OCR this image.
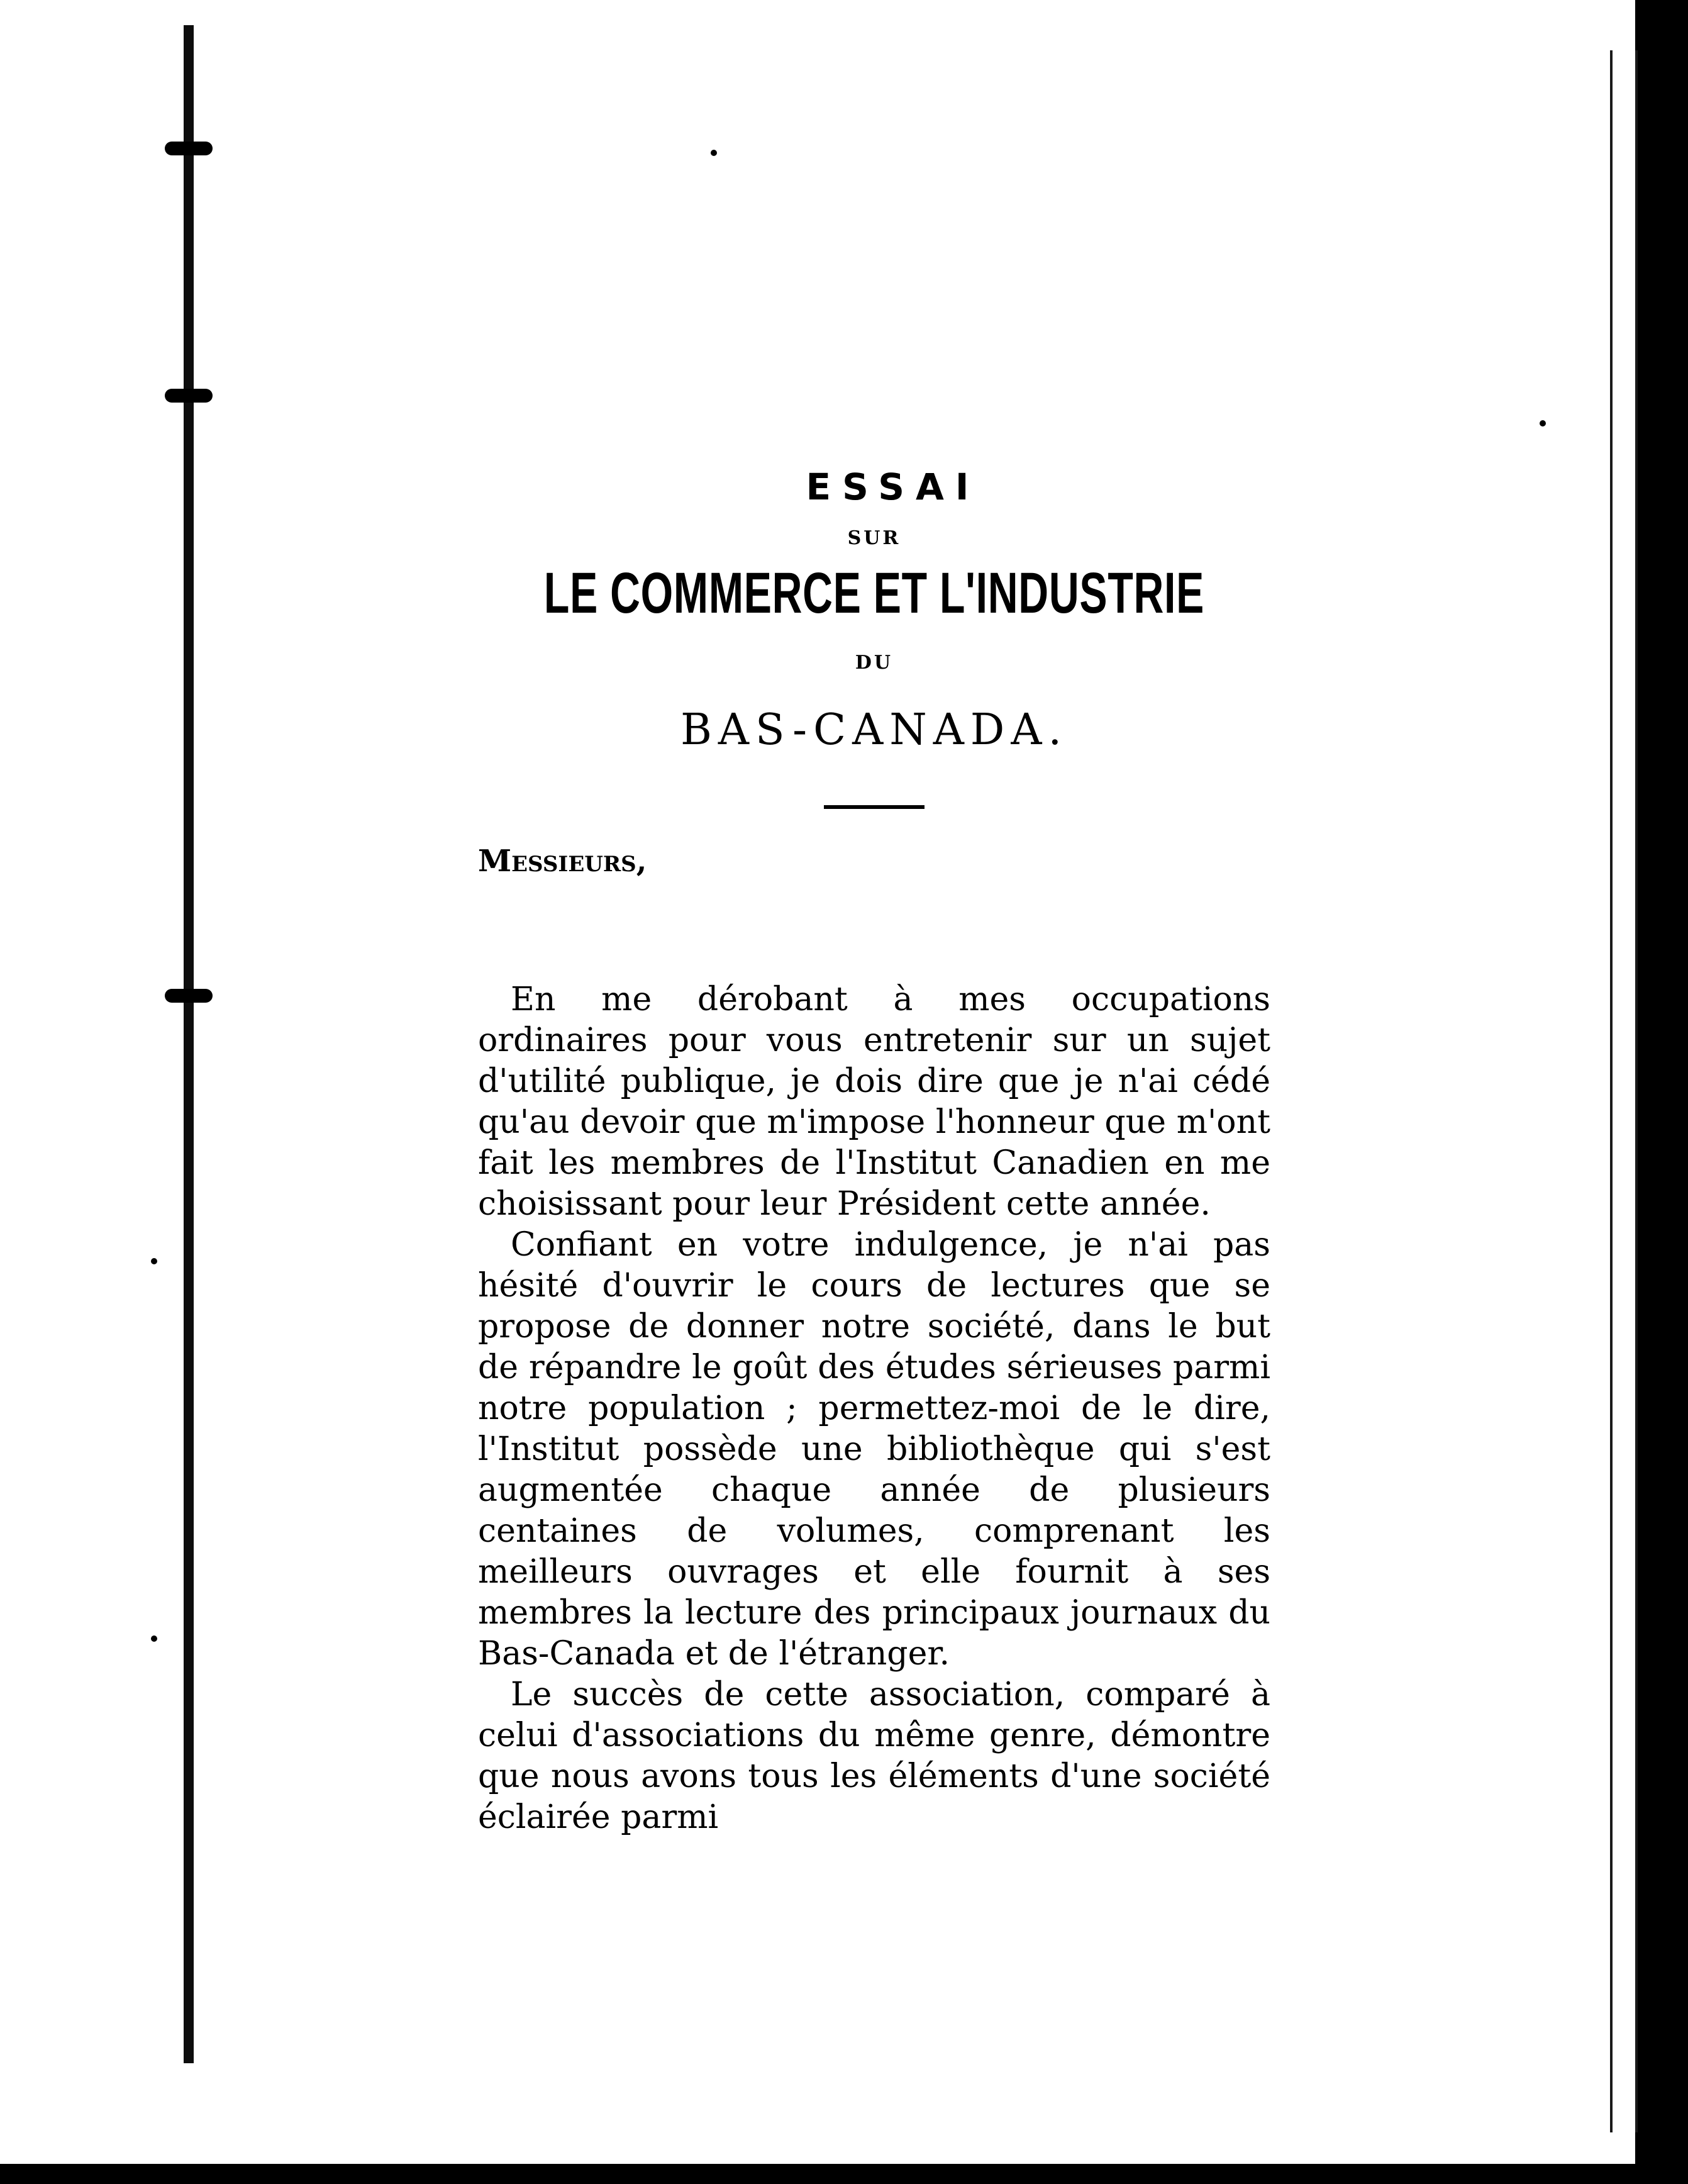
ESSAI
SUR
LE COMMERCE ET L'INDUSTRIE
DU
BAS-CANADA.
Messieurs,

En me dérobant à mes occupations ordinaires pour vous entretenir sur un sujet d'utilité publique, je dois dire que je n'ai cédé qu'au devoir que m'impose l'honneur que m'ont fait les membres de l'Institut Canadien en me choisissant pour leur Président cette année.

Confiant en votre indulgence, je n'ai pas hésité d'ouvrir le cours de lectures que se propose de donner notre société, dans le but de répandre le goût des études sérieuses parmi notre population ; permettez-moi de le dire, l'Institut possède une bibliothèque qui s'est augmentée chaque année de plusieurs centaines de volumes, comprenant les meilleurs ouvrages et elle fournit à ses membres la lecture des principaux journaux du Bas-Canada et de l'étranger.

Le succès de cette association, comparé à celui d'associations du même genre, démontre que nous avons tous les éléments d'une société éclairée parmi
